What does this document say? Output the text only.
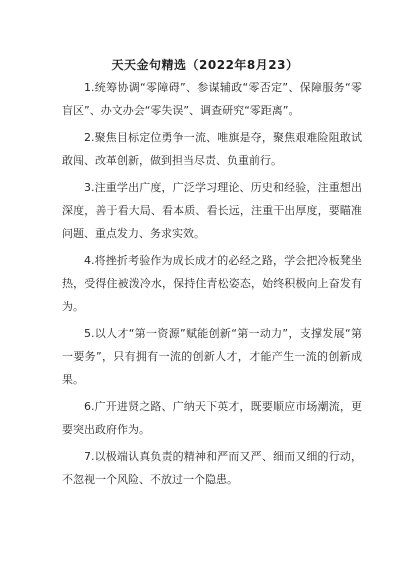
天天金句精选（2022年8月23）

1.统筹协调“零障碍”、参谋辅政“零否定”、保障服务“零盲区”、办文办会“零失误”、调查研究“零距离”。

2.聚焦目标定位勇争一流、唯旗是夺，聚焦艰难险阻敢试敢闯、改革创新，做到担当尽责、负重前行。

3.注重学出广度，广泛学习理论、历史和经验，注重想出深度，善于看大局、看本质、看长远，注重干出厚度，要瞄准问题、重点发力、务求实效。

4.将挫折考验作为成长成才的必经之路，学会把冷板凳坐热，受得住被泼冷水，保持住青松姿态，始终积极向上奋发有为。

5.以人才“第一资源”赋能创新“第一动力”，支撑发展“第一要务”，只有拥有一流的创新人才，才能产生一流的创新成果。

6.广开进贤之路、广纳天下英才，既要顺应市场潮流，更要突出政府作为。

7.以极端认真负责的精神和严而又严、细而又细的行动，不忽视一个风险、不放过一个隐患。
